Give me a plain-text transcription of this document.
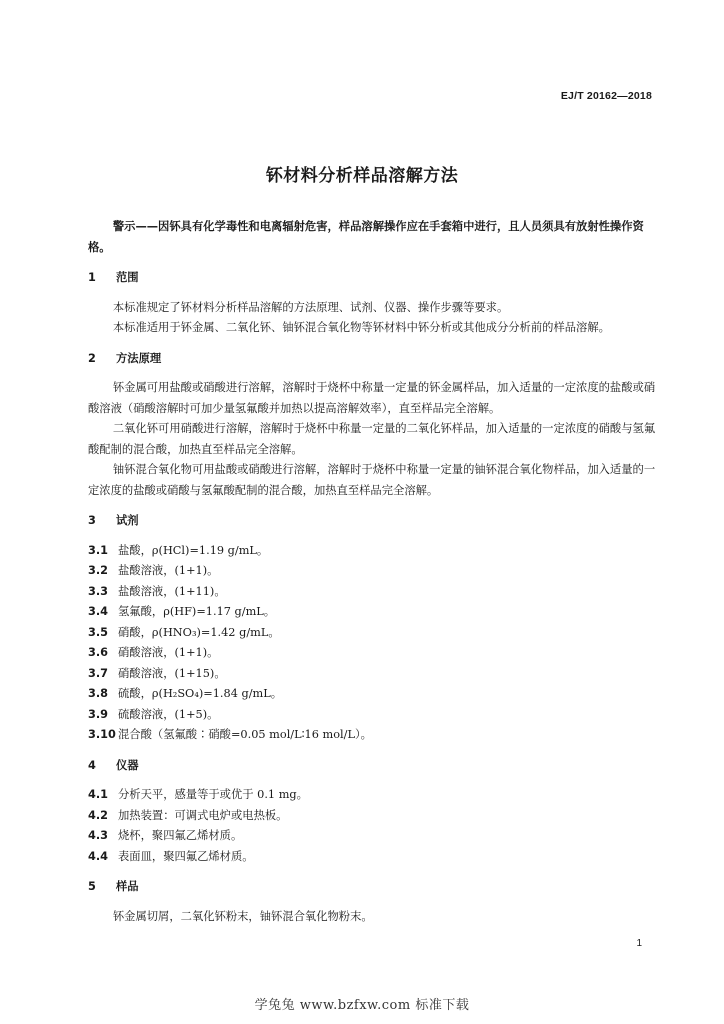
EJ/T 20162—2018
钚材料分析样品溶解方法
警示——因钚具有化学毒性和电离辐射危害，样品溶解操作应在手套箱中进行，且人员须具有放射性操作资格。
1 范围
本标准规定了钚材料分析样品溶解的方法原理、试剂、仪器、操作步骤等要求。
本标准适用于钚金属、二氧化钚、铀钚混合氧化物等钚材料中钚分析或其他成分分析前的样品溶解。
2 方法原理
钚金属可用盐酸或硝酸进行溶解，溶解时于烧杯中称量一定量的钚金属样品，加入适量的一定浓度的盐酸或硝酸溶液（硝酸溶解时可加少量氢氟酸并加热以提高溶解效率），直至样品完全溶解。
二氧化钚可用硝酸进行溶解，溶解时于烧杯中称量一定量的二氧化钚样品，加入适量的一定浓度的硝酸与氢氟酸配制的混合酸，加热直至样品完全溶解。
铀钚混合氧化物可用盐酸或硝酸进行溶解，溶解时于烧杯中称量一定量的铀钚混合氧化物样品，加入适量的一定浓度的盐酸或硝酸与氢氟酸配制的混合酸，加热直至样品完全溶解。
3 试剂
3.1 盐酸，ρ(HCl)=1.19 g/mL。
3.2 盐酸溶液，(1+1)。
3.3 盐酸溶液，(1+11)。
3.4 氢氟酸，ρ(HF)=1.17 g/mL。
3.5 硝酸，ρ(HNO₃)=1.42 g/mL。
3.6 硝酸溶液，(1+1)。
3.7 硝酸溶液，(1+15)。
3.8 硫酸，ρ(H₂SO₄)=1.84 g/mL。
3.9 硫酸溶液，(1+5)。
3.10 混合酸（氢氟酸∶硝酸=0.05 mol/L∶16 mol/L）。
4 仪器
4.1 分析天平，感量等于或优于 0.1 mg。
4.2 加热装置：可调式电炉或电热板。
4.3 烧杯，聚四氟乙烯材质。
4.4 表面皿，聚四氟乙烯材质。
5 样品
钚金属切屑，二氧化钚粉末，铀钚混合氧化物粉末。
1
学兔兔 www.bzfxw.com 标准下载
